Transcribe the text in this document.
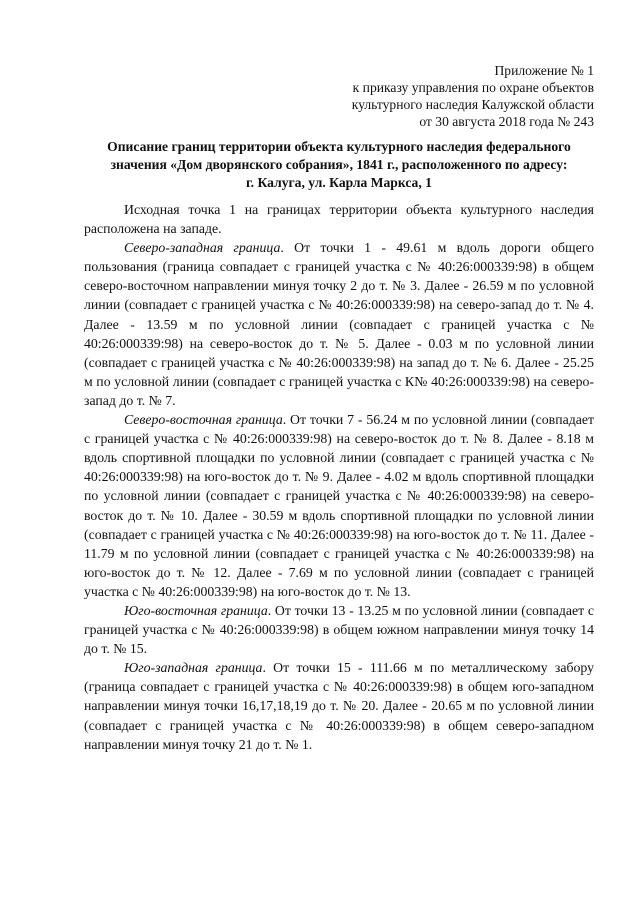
Приложение № 1
к приказу управления по охране объектов
культурного наследия Калужской области
от 30 августа 2018 года № 243
Описание границ территории объекта культурного наследия федерального
значения «Дом дворянского собрания», 1841 г., расположенного по адресу:
г. Калуга, ул. Карла Маркса, 1

Исходная точка 1 на границах территории объекта культурного наследия расположена на западе.

Северо-западная граница. От точки 1 - 49.61 м вдоль дороги общего пользования (граница совпадает с границей участка с № 40:26:000339:98) в общем северо-восточном направлении минуя точку 2 до т. № 3. Далее - 26.59 м по условной линии (совпадает с границей участка с № 40:26:000339:98) на северо-запад до т. № 4. Далее - 13.59 м по условной линии (совпадает с границей участка с № 40:26:000339:98) на северо-восток до т. № 5. Далее - 0.03 м по условной линии (совпадает с границей участка с № 40:26:000339:98) на запад до т. № 6. Далее - 25.25 м по условной линии (совпадает с границей участка с К№ 40:26:000339:98) на северо-запад до т. № 7.

Северо-восточная граница. От точки 7 - 56.24 м по условной линии (совпадает с границей участка с № 40:26:000339:98) на северо-восток до т. № 8. Далее - 8.18 м вдоль спортивной площадки по условной линии (совпадает с границей участка с № 40:26:000339:98) на юго-восток до т. № 9. Далее - 4.02 м вдоль спортивной площадки по условной линии (совпадает с границей участка с № 40:26:000339:98) на северо-восток до т. № 10. Далее - 30.59 м вдоль спортивной площадки по условной линии (совпадает с границей участка с № 40:26:000339:98) на юго-восток до т. № 11. Далее - 11.79 м по условной линии (совпадает с границей участка с № 40:26:000339:98) на юго-восток до т. № 12. Далее - 7.69 м по условной линии (совпадает с границей участка с № 40:26:000339:98) на юго-восток до т. № 13.

Юго-восточная граница. От точки 13 - 13.25 м по условной линии (совпадает с границей участка с № 40:26:000339:98) в общем южном направлении минуя точку 14 до т. № 15.

Юго-западная граница. От точки 15 - 111.66 м по металлическому забору (граница совпадает с границей участка с № 40:26:000339:98) в общем юго-западном направлении минуя точки 16,17,18,19 до т. № 20. Далее - 20.65 м по условной линии (совпадает с границей участка с № 40:26:000339:98) в общем северо-западном направлении минуя точку 21 до т. № 1.
